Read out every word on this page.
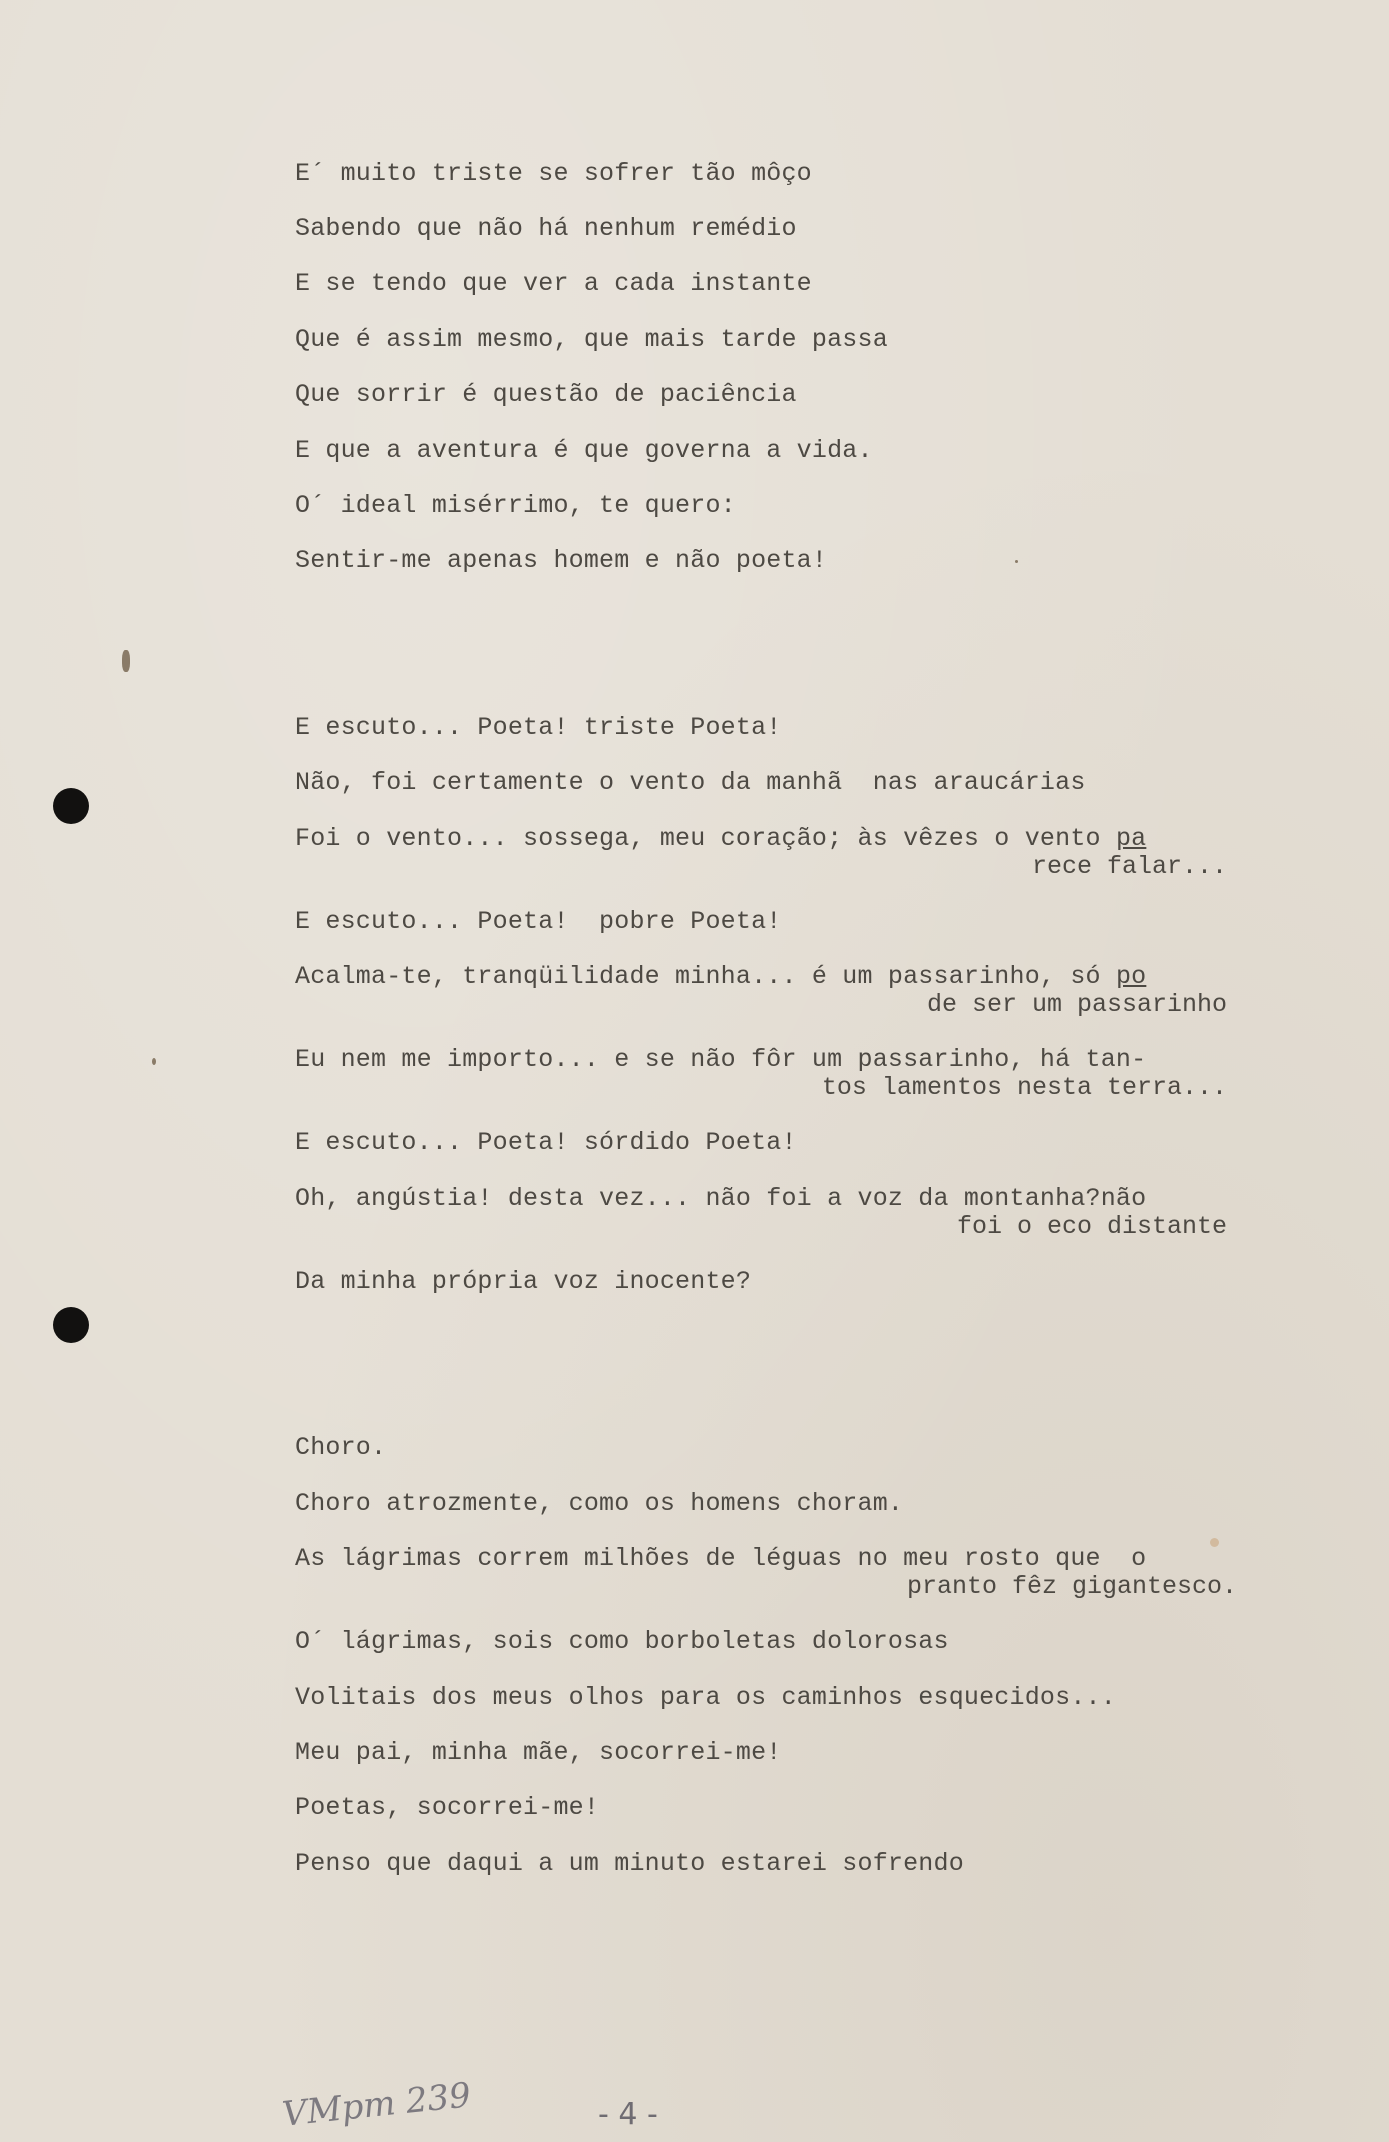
E´ muito triste se sofrer tão môço
Sabendo que não há nenhum remédio
E se tendo que ver a cada instante
Que é assim mesmo, que mais tarde passa
Que sorrir é questão de paciência
E que a aventura é que governa a vida.
O´ ideal misérrimo, te quero:
Sentir-me apenas homem e não poeta!
E escuto... Poeta! triste Poeta!
Não, foi certamente o vento da manhã  nas araucárias
Foi o vento... sossega, meu coração; às vêzes o vento pa
rece falar...
E escuto... Poeta!  pobre Poeta!
Acalma-te, tranqüilidade minha... é um passarinho, só po
de ser um passarinho
Eu nem me importo... e se não fôr um passarinho, há tan-
tos lamentos nesta terra...
E escuto... Poeta! sórdido Poeta!
Oh, angústia! desta vez... não foi a voz da montanha?não
foi o eco distante
Da minha própria voz inocente?
Choro.
Choro atrozmente, como os homens choram.
As lágrimas correm milhões de léguas no meu rosto que  o
pranto fêz gigantesco.
O´ lágrimas, sois como borboletas dolorosas
Volitais dos meus olhos para os caminhos esquecidos...
Meu pai, minha mãe, socorrei-me!
Poetas, socorrei-me!
Penso que daqui a um minuto estarei sofrendo
VMpm 239	- 4 -
